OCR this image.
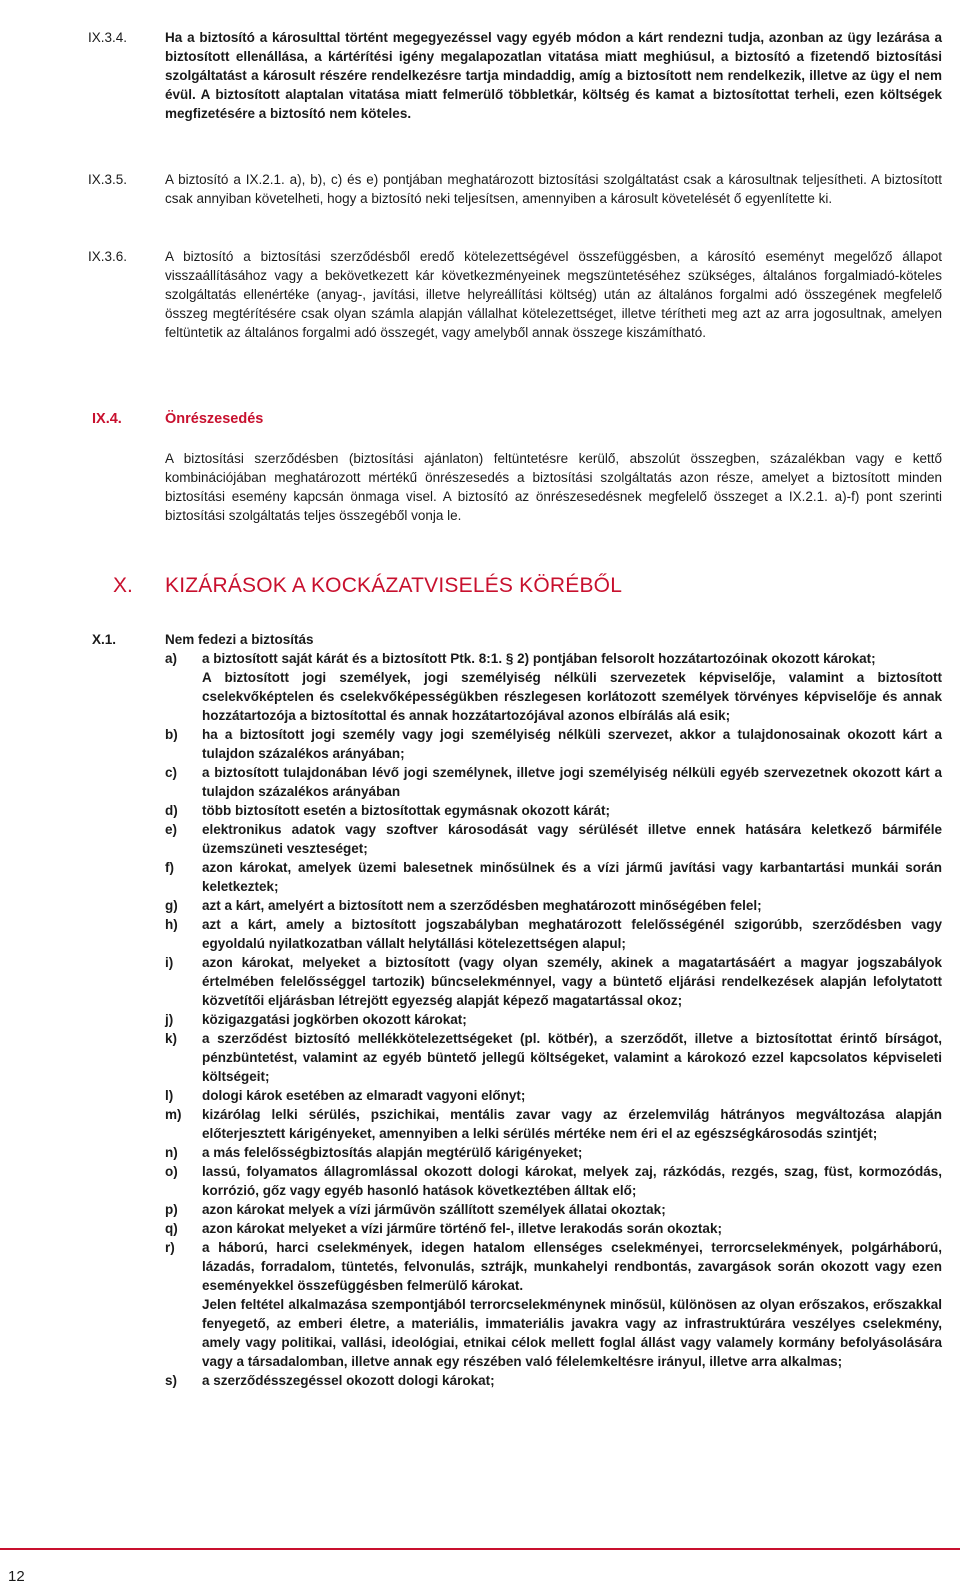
IX.3.4.	Ha a biztosító a károsulttal történt megegyezéssel vagy egyéb módon a kárt rendezni tudja, azonban az ügy lezárása a biztosított ellenállása, a kártérítési igény megalapozatlan vitatása miatt meghiúsul, a biztosító a fizetendő biztosítási szolgáltatást a károsult részére rendelkezésre tartja mindaddig, amíg a biztosított nem rendelkezik, illetve az ügy el nem évül. A biztosított alaptalan vitatása miatt felmerülő többletkár, költség és kamat a biztosítottat terheli, ezen költségek megfizetésére a biztosító nem köteles.
IX.3.5.	A biztosító a IX.2.1. a), b), c) és e) pontjában meghatározott biztosítási szolgáltatást csak a károsultnak teljesítheti. A biztosított csak annyiban követelheti, hogy a biztosító neki teljesítsen, amennyiben a károsult követelését ő egyenlítette ki.
IX.3.6.	A biztosító a biztosítási szerződésből eredő kötelezettségével összefüggésben, a károsító eseményt megelőző állapot visszaállításához vagy a bekövetkezett kár következményeinek megszüntetéséhez szükséges, általános forgalmiadó-köteles szolgáltatás ellenértéke (anyag-, javítási, illetve helyreállítási költség) után az általános forgalmi adó összegének megfelelő összeg megtérítésére csak olyan számla alapján vállalhat kötelezettséget, illetve térítheti meg azt az arra jogosultnak, amelyen feltüntetik az általános forgalmi adó összegét, vagy amelyből annak összege kiszámítható.
IX.4.	Önrészesedés
A biztosítási szerződésben (biztosítási ajánlaton) feltüntetésre kerülő, abszolút összegben, százalékban vagy e kettő kombinációjában meghatározott mértékű önrészesedés a biztosítási szolgáltatás azon része, amelyet a biztosított minden biztosítási esemény kapcsán önmaga visel. A biztosító az önrészesedésnek megfelelő összeget a IX.2.1. a)-f) pont szerinti biztosítási szolgáltatás teljes összegéből vonja le.
X. KIZÁRÁSOK A KOCKÁZATVISELÉS KÖRÉBŐL
X.1.	Nem fedezi a biztosítás
a) a biztosított saját kárát és a biztosított Ptk. 8:1. § 2) pontjában felsorolt hozzátartozóinak okozott károkat;
A biztosított jogi személyek, jogi személyiség nélküli szervezetek képviselője, valamint a biztosított cselekvőképtelen és cselekvőképességükben részlegesen korlátozott személyek törvényes képviselője és annak hozzátartozója a biztosítottal és annak hozzátartozójával azonos elbírálás alá esik;
b) ha a biztosított jogi személy vagy jogi személyiség nélküli szervezet, akkor a tulajdonosainak okozott kárt a tulajdon százalékos arányában;
c) a biztosított tulajdonában lévő jogi személynek, illetve jogi személyiség nélküli egyéb szervezetnek okozott kárt a tulajdon százalékos arányában
d) több biztosított esetén a biztosítottak egymásnak okozott kárát;
e) elektronikus adatok vagy szoftver károsodását vagy sérülését illetve ennek hatására keletkező bármiféle üzemszüneti veszteséget;
f) azon károkat, amelyek üzemi balesetnek minősülnek és a vízi jármű javítási vagy karbantartási munkái során keletkeztek;
g) azt a kárt, amelyért a biztosított nem a szerződésben meghatározott minőségében felel;
h) azt a kárt, amely a biztosított jogszabályban meghatározott felelősségénél szigorúbb, szerződésben vagy egyoldalú nyilatkozatban vállalt helytállási kötelezettségen alapul;
i) azon károkat, melyeket a biztosított (vagy olyan személy, akinek a magatartásáért a magyar jogszabályok értelmében felelősséggel tartozik) bűncselekménnyel, vagy a büntető eljárási rendelkezések alapján lefolytatott közvetítői eljárásban létrejött egyezség alapját képező magatartással okoz;
j) közigazgatási jogkörben okozott károkat;
k) a szerződést biztosító mellékkötelezettségeket (pl. kötbér), a szerződőt, illetve a biztosítottat érintő bírságot, pénzbüntetést, valamint az egyéb büntető jellegű költségeket, valamint a károkozó ezzel kapcsolatos képviseleti költségeit;
l) dologi károk esetében az elmaradt vagyoni előnyt;
m) kizárólag lelki sérülés, pszichikai, mentális zavar vagy az érzelemvilág hátrányos megváltozása alapján előterjesztett kárigényeket, amennyiben a lelki sérülés mértéke nem éri el az egészségkárosodás szintjét;
n) a más felelősségbiztosítás alapján megtérülő kárigényeket;
o) lassú, folyamatos állagromlással okozott dologi károkat, melyek zaj, rázkódás, rezgés, szag, füst, kormozódás, korrózió, gőz vagy egyéb hasonló hatások következtében álltak elő;
p) azon károkat melyek a vízi járművön szállított személyek állatai okoztak;
q) azon károkat melyeket a vízi járműre történő fel-, illetve lerakodás során okoztak;
r) a háború, harci cselekmények, idegen hatalom ellenséges cselekményei, terrorcselekmények, polgárháború, lázadás, forradalom, tüntetés, felvonulás, sztrájk, munkahelyi rendbontás, zavargások során okozott vagy ezen eseményekkel összefüggésben felmerülő károkat.
Jelen feltétel alkalmazása szempontjából terrorcselekménynek minősül, különösen az olyan erőszakos, erőszakkal fenyegető, az emberi életre, a materiális, immateriális javakra vagy az infrastruktúrára veszélyes cselekmény, amely vagy politikai, vallási, ideológiai, etnikai célok mellett foglal állást vagy valamely kormány befolyásolására vagy a társadalomban, illetve annak egy részében való félelemkeltésre irányul, illetve arra alkalmas;
s) a szerződésszegéssel okozott dologi károkat;
12
